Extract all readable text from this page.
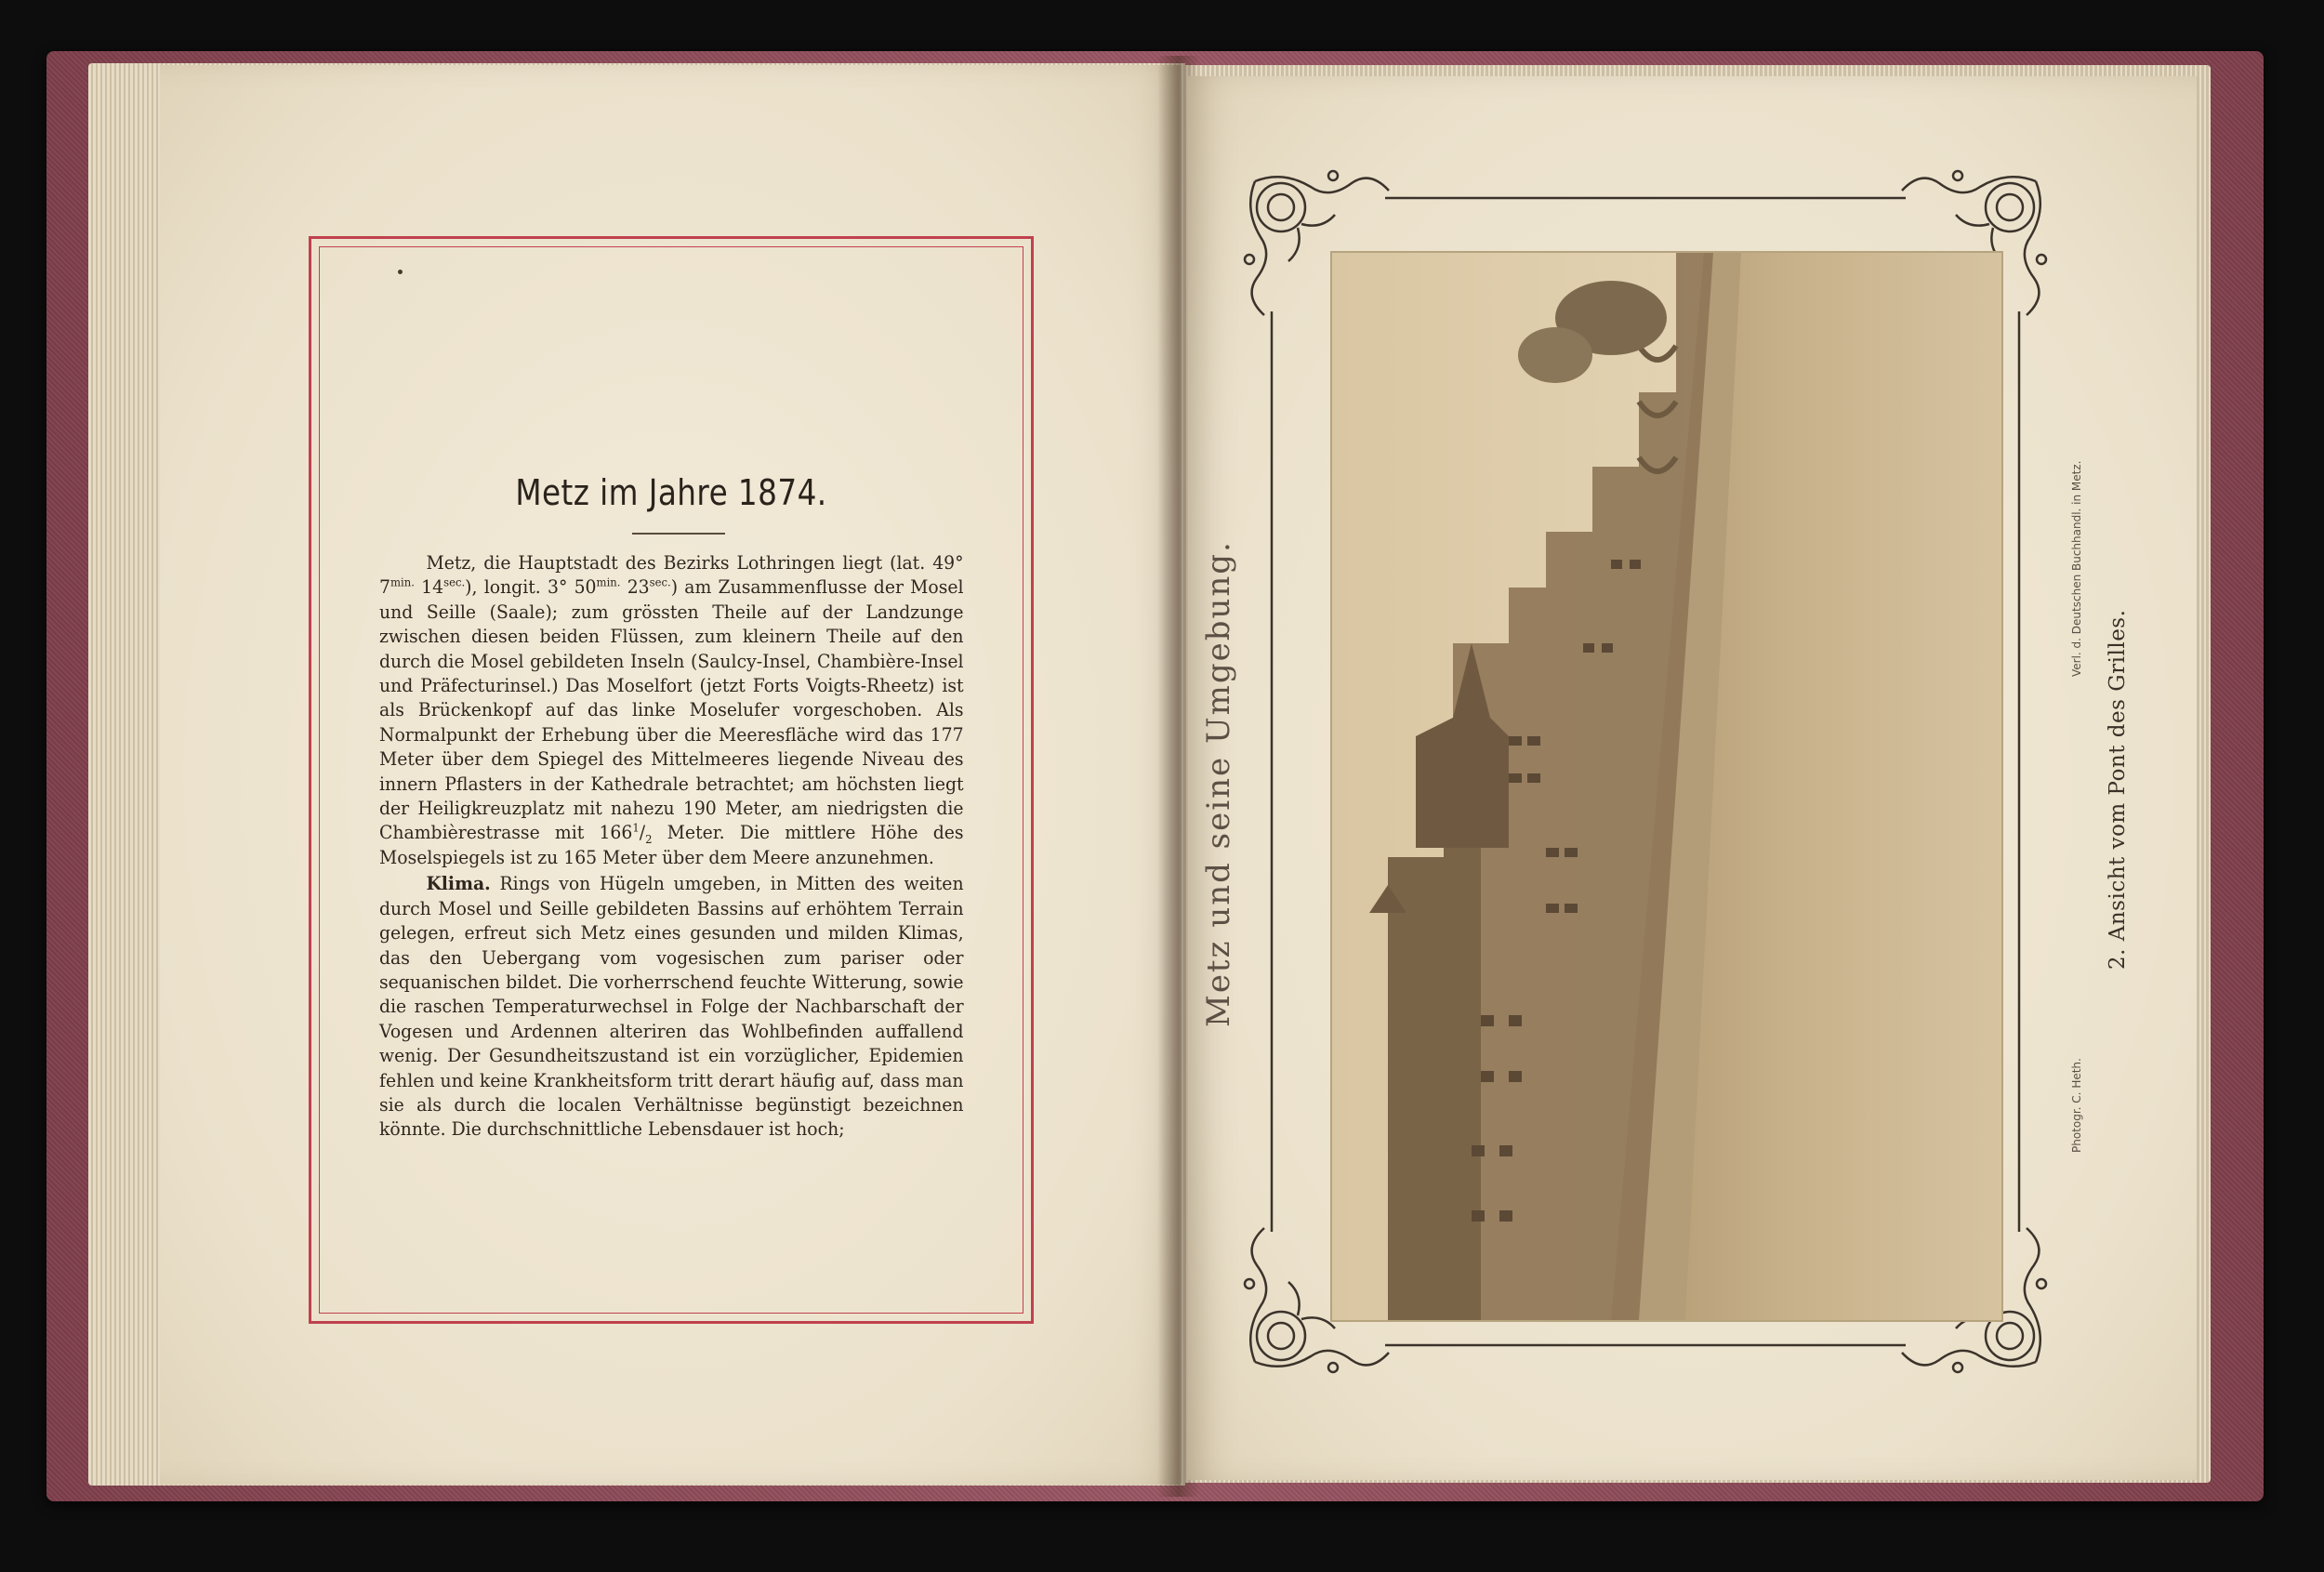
Metz im Jahre 1874.

Metz, die Hauptstadt des Bezirks Lothringen liegt (lat. 49° $7^{min.}$ $14^{sec.}$), longit. 3° $50^{min.}$ $23^{sec.}$) am Zusammenflusse der Mosel und Seille (Saale); zum grössten Theile auf der Landzunge zwischen diesen beiden Flüssen, zum kleinern Theile auf den durch die Mosel gebildeten Inseln (Saulcy-Insel, Chambière-Insel und Präfecturinsel.) Das Moselfort (jetzt Forts Voigts-Rheetz) ist als Brückenkopf auf das linke Moselufer vorgeschoben. Als Normalpunkt der Erhebung über die Meeresfläche wird das 177 Meter über dem Spiegel des Mittelmeeres liegende Niveau des innern Pflasters in der Kathedrale betrachtet; am höchsten liegt der Heiligkreuzplatz mit nahezu 190 Meter, am niedrigsten die Chambièrestrasse mit $166^1/_2$ Meter. Die mittlere Höhe des Moselspiegels ist zu 165 Meter über dem Meere anzunehmen.

Klima. Rings von Hügeln umgeben, in Mitten des weiten durch Mosel und Seille gebildeten Bassins auf erhöhtem Terrain gelegen, erfreut sich Metz eines gesunden und milden Klimas, das den Uebergang vom vogesischen zum pariser oder sequanischen bildet. Die vorherrschend feuchte Witterung, sowie die raschen Temperaturwechsel in Folge der Nachbarschaft der Vogesen und Ardennen alteriren das Wohlbefinden auffallend wenig. Der Gesundheitszustand ist ein vorzüglicher, Epidemien fehlen und keine Krankheitsform tritt derart häufig auf, dass man sie als durch die localen Verhältnisse begünstigt bezeichnen könnte. Die durchschnittliche Lebensdauer ist hoch;

Metz und seine Umgebung.	2. Ansicht vom Pont des Grilles.
Photogr. C. Heth.
Verl. d. Deutschen Buchhandl. in Metz.
